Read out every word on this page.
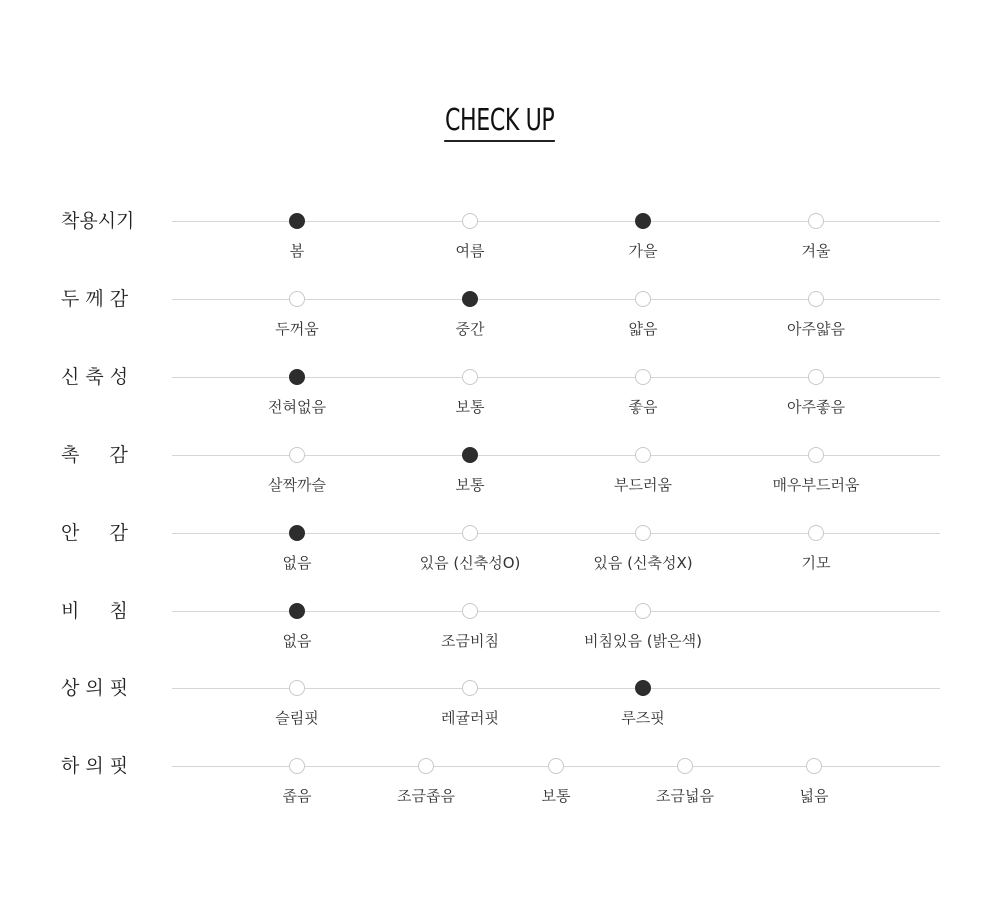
CHECK UP
착용시기
봄	여름	가을	겨울
두 께 감
두꺼움	중간	얇음	아주얇음
신 축 성
전혀없음	보통	좋음	아주좋음
촉     감
살짝까슬	보통	부드러움	매우부드러움
안     감
없음	있음 (신축성O)	있음 (신축성X)	기모
비     침
없음	조금비침	비침있음 (밝은색)
상 의 핏
슬림핏	레귤러핏	루즈핏
하 의 핏
좁음	조금좁음	보통	조금넓음	넓음
